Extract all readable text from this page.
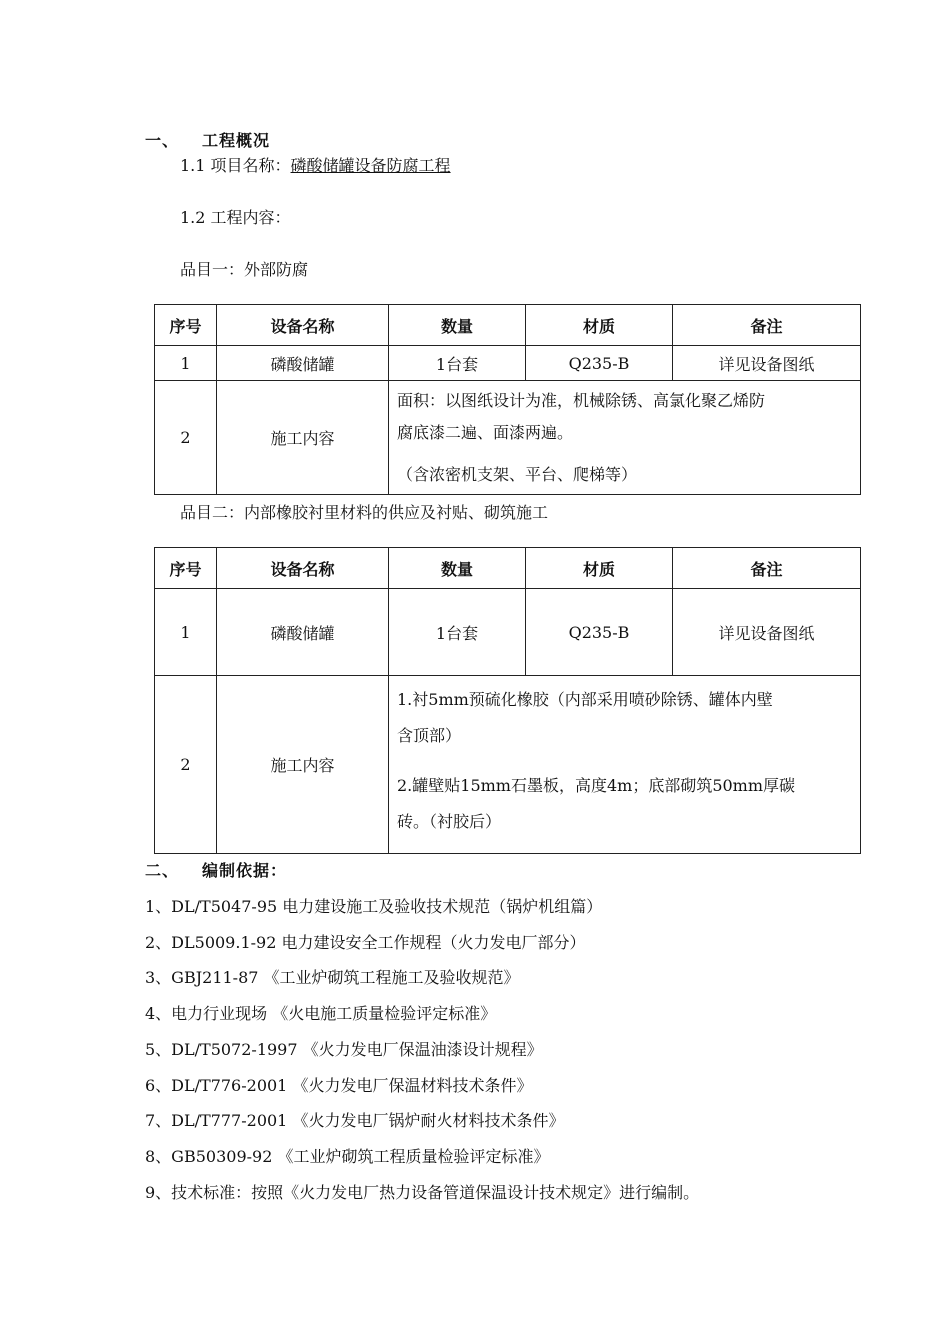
一、 工程概况
1.1 项目名称：磷酸储罐设备防腐工程
1.2 工程内容：
品目一：外部防腐
序号	设备名称	数量	材质	备注
1	磷酸储罐	1台套	Q235-B	详见设备图纸
2	施工内容	面积：以图纸设计为准，机械除锈、高氯化聚乙烯防

腐底漆二遍、面漆两遍。

（含浓密机支架、平台、爬梯等）		

品目二：内部橡胶衬里材料的供应及衬贴、砌筑施工
序号	设备名称	数量	材质	备注
1	磷酸储罐	1台套	Q235-B	详见设备图纸
2	施工内容	1.衬5mm预硫化橡胶（内部采用喷砂除锈、罐体内壁

含顶部）

2.罐壁贴15mm石墨板，高度4m；底部砌筑50mm厚碳

砖。（衬胶后）		

二、 编制依据：
1、DL/T5047-95 电力建设施工及验收技术规范（锅炉机组篇）
2、DL5009.1-92 电力建设安全工作规程（火力发电厂部分）
3、GBJ211-87 《工业炉砌筑工程施工及验收规范》
4、电力行业现场 《火电施工质量检验评定标准》
5、DL/T5072-1997 《火力发电厂保温油漆设计规程》
6、DL/T776-2001 《火力发电厂保温材料技术条件》
7、DL/T777-2001 《火力发电厂锅炉耐火材料技术条件》
8、GB50309-92 《工业炉砌筑工程质量检验评定标准》
9、技术标准：按照《火力发电厂热力设备管道保温设计技术规定》进行编制。
